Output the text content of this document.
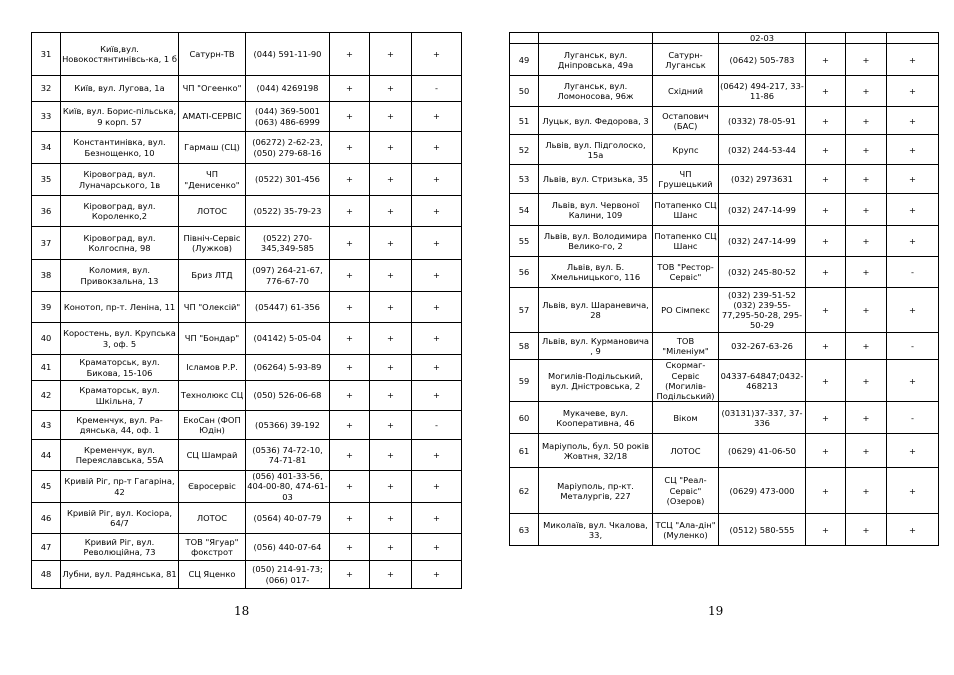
31	Київ,вул. Новокостянтинівсь-ка, 1 б	Сатурн-ТВ	(044) 591-11-90	+	+	+
32	Київ, вул. Лугова, 1а	ЧП "Огеенко"	(044) 4269198	+	+	-
33	Київ, вул. Борис-пільська, 9 корп. 57	АМАТІ-СЕРВІС	(044) 369-5001 (063) 486-6999	+	+	+
34	Константинівка, вул. Безнощенко, 10	Гармаш (СЦ)	(06272) 2-62-23, (050) 279-68-16	+	+	+
35	Кіровоград, вул. Луначарського, 1в	ЧП "Денисенко"	(0522) 301-456	+	+	+
36	Кіровоград, вул. Короленко,2	ЛОТОС	(0522) 35-79-23	+	+	+
37	Кіровоград, вул. Колгоспна, 98	Північ-Сервіс (Лужков)	(0522) 270-345,349-585	+	+	+
38	Коломия, вул. Привокзальна, 13	Бриз ЛТД	(097) 264-21-67, 776-67-70	+	+	+
39	Конотоп, пр-т. Леніна, 11	ЧП "Олексій"	(05447) 61-356	+	+	+
40	Коростень, вул. Крупська 3, оф. 5	ЧП "Бондар"	(04142) 5-05-04	+	+	+
41	Краматорськ, вул. Бикова, 15-106	Ісламов Р.Р.	(06264) 5-93-89	+	+	+
42	Краматорськ, вул. Шкільна, 7	Технолюкс СЦ	(050) 526-06-68	+	+	+
43	Кременчук, вул. Ра-дянська, 44, оф. 1	ЕкоСан (ФОП Юдін)	(05366) 39-192	+	+	-
44	Кременчук, вул. Переяславська, 55А	СЦ Шамрай	(0536) 74-72-10, 74-71-81	+	+	+
45	Кривій Ріг, пр-т Гагаріна, 42	Євросервіс	(056) 401-33-56, 404-00-80, 474-61-03	+	+	+
46	Кривій Ріг, вул. Косіора, 64/7	ЛОТОС	(0564) 40-07-79	+	+	+
47	Кривий Ріг, вул. Революційна, 73	ТОВ "Ягуар" фокстрот	(056) 440-07-64	+	+	+
48	Лубни, вул. Радянська, 81	СЦ Яценко	(050) 214-91-73; (066) 017-	+	+	+
18
			02-03			
49	Луганськ, вул. Дніпровська, 49а	Сатурн-Луганськ	(0642) 505-783	+	+	+
50	Луганськ, вул. Ломоносова, 96ж	Східний	(0642) 494-217, 33-11-86	+	+	+
51	Луцьк, вул. Федорова, 3	Остапович (БАС)	(0332) 78-05-91	+	+	+
52	Львів, вул. Підголоско, 15а	Крупс	(032) 244-53-44	+	+	+
53	Львів, вул. Стризька, 35	ЧП Грушецький	(032) 2973631	+	+	+
54	Львів, вул. Червоної Калини, 109	Потапенко СЦ Шанс	(032) 247-14-99	+	+	+
55	Львів, вул. Володимира Велико-го, 2	Потапенко СЦ Шанс	(032) 247-14-99	+	+	+
56	Львів, вул. Б. Хмельницького, 116	ТОВ "Рестор-Сервіс"	(032) 245-80-52	+	+	-
57	Львів, вул. Шараневича, 28	РО Сімпекс	(032) 239-51-52 (032) 239-55-77,295-50-28, 295-50-29	+	+	+
58	Львів, вул. Курмановича , 9	ТОВ "Міленіум"	032-267-63-26	+	+	-
59	Могилів-Подільський, вул. Дністровська, 2	Скормаг-Сервіс (Могилів-Подільський)	04337-64847;0432-468213	+	+	+
60	Мукачеве, вул. Кооперативна, 46	Віком	(03131)37-337, 37-336	+	+	-
61	Маріуполь, бул. 50 років Жовтня, 32/18	ЛОТОС	(0629) 41-06-50	+	+	+
62	Маріуполь, пр-кт. Металургів, 227	СЦ "Реал-Сервіс" (Озеров)	(0629) 473-000	+	+	+
63	Миколаїв, вул. Чкалова, 33,	ТСЦ "Ала-дін" (Муленко)	(0512) 580-555	+	+	+
19
